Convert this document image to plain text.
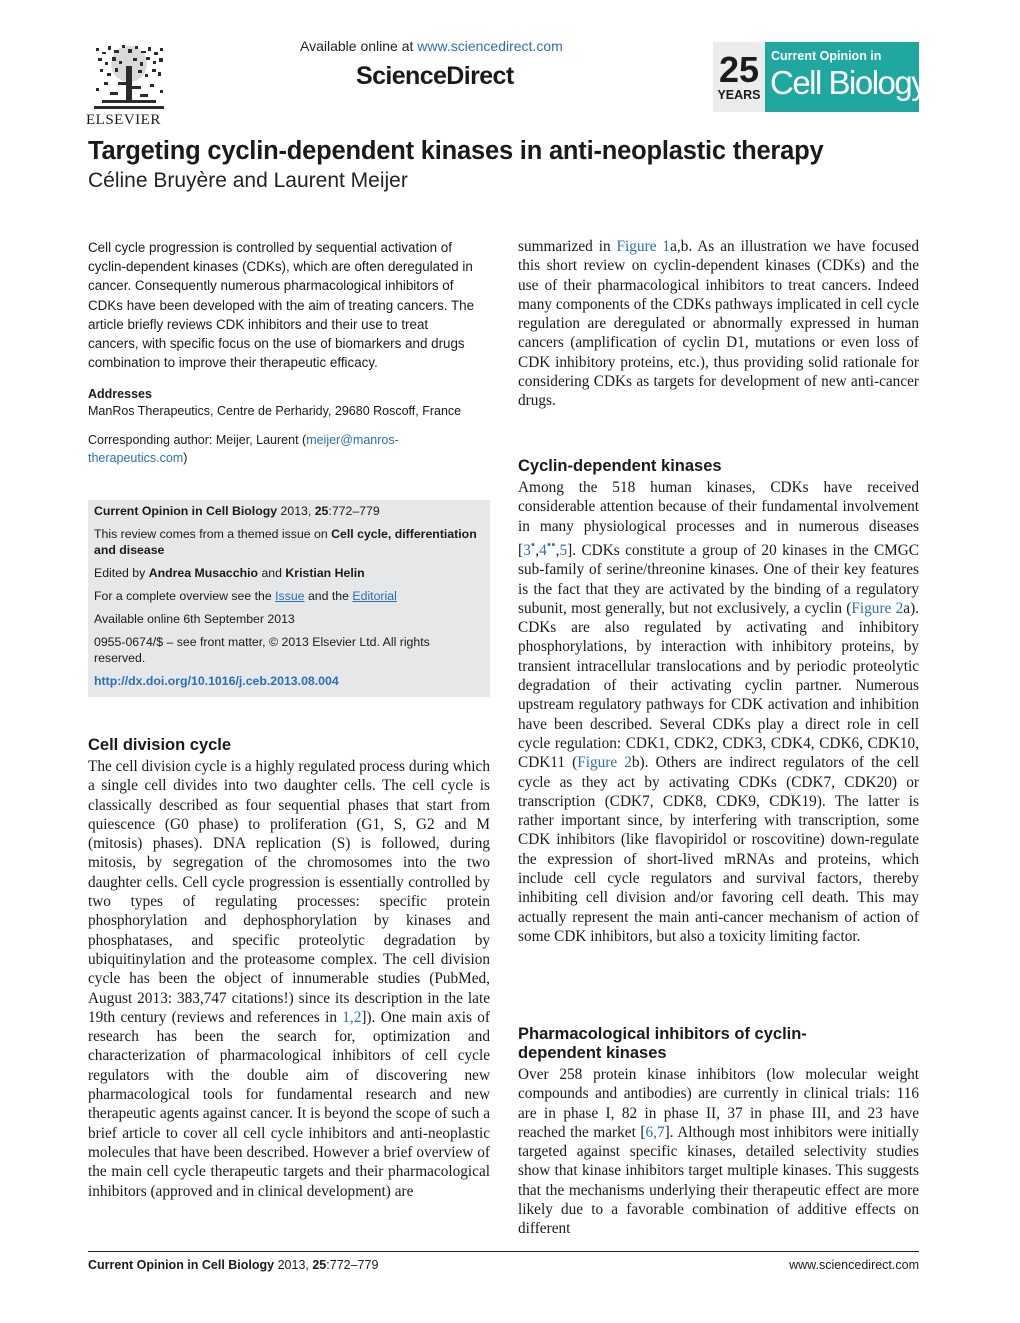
ELSEVIER
Available online at www.sciencedirect.com
ScienceDirect	25
YEARS
Current Opinion in
Cell Biology
Targeting cyclin-dependent kinases in anti-neoplastic therapy
Céline Bruyère and Laurent Meijer

Cell cycle progression is controlled by sequential activation of cyclin-dependent kinases (CDKs), which are often deregulated in cancer. Consequently numerous pharmacological inhibitors of CDKs have been developed with the aim of treating cancers. The article briefly reviews CDK inhibitors and their use to treat cancers, with specific focus on the use of biomarkers and drugs combination to improve their therapeutic efficacy.

Addresses
ManRos Therapeutics, Centre de Perharidy, 29680 Roscoff, France
Corresponding author: Meijer, Laurent (meijer@manros-therapeutics.com)
Current Opinion in Cell Biology 2013, 25:772–779
This review comes from a themed issue on Cell cycle, differentiation and disease
Edited by Andrea Musacchio and Kristian Helin
For a complete overview see the Issue and the Editorial
Available online 6th September 2013
0955-0674/$ – see front matter, © 2013 Elsevier Ltd. All rights reserved.
http://dx.doi.org/10.1016/j.ceb.2013.08.004
Cell division cycle

The cell division cycle is a highly regulated process during which a single cell divides into two daughter cells. The cell cycle is classically described as four sequential phases that start from quiescence (G0 phase) to proliferation (G1, S, G2 and M (mitosis) phases). DNA replication (S) is followed, during mitosis, by segregation of the chromosomes into the two daughter cells. Cell cycle progression is essentially controlled by two types of regulating processes: specific protein phosphorylation and dephosphorylation by kinases and phosphatases, and specific proteolytic degradation by ubiquitinylation and the proteasome complex. The cell division cycle has been the object of innumerable studies (PubMed, August 2013: 383,747 citations!) since its description in the late 19th century (reviews and references in 1,2]). One main axis of research has been the search for, optimization and characterization of pharmacological inhibitors of cell cycle regulators with the double aim of discovering new pharmacological tools for fundamental research and new therapeutic agents against cancer. It is beyond the scope of such a brief article to cover all cell cycle inhibitors and anti-neoplastic molecules that have been described. However a brief overview of the main cell cycle therapeutic targets and their pharmacological inhibitors (approved and in clinical development) are

summarized in Figure 1a,b. As an illustration we have focused this short review on cyclin-dependent kinases (CDKs) and the use of their pharmacological inhibitors to treat cancers. Indeed many components of the CDKs pathways implicated in cell cycle regulation are deregulated or abnormally expressed in human cancers (amplification of cyclin D1, mutations or even loss of CDK inhibitory proteins, etc.), thus providing solid rationale for considering CDKs as targets for development of new anti-cancer drugs.

Cyclin-dependent kinases

Among the 518 human kinases, CDKs have received considerable attention because of their fundamental involvement in many physiological processes and in numerous diseases [3•,4••,5]. CDKs constitute a group of 20 kinases in the CMGC sub-family of serine/threonine kinases. One of their key features is the fact that they are activated by the binding of a regulatory subunit, most generally, but not exclusively, a cyclin (Figure 2a). CDKs are also regulated by activating and inhibitory phosphorylations, by interaction with inhibitory proteins, by transient intracellular translocations and by periodic proteolytic degradation of their activating cyclin partner. Numerous upstream regulatory pathways for CDK activation and inhibition have been described. Several CDKs play a direct role in cell cycle regulation: CDK1, CDK2, CDK3, CDK4, CDK6, CDK10, CDK11 (Figure 2b). Others are indirect regulators of the cell cycle as they act by activating CDKs (CDK7, CDK20) or transcription (CDK7, CDK8, CDK9, CDK19). The latter is rather important since, by interfering with transcription, some CDK inhibitors (like flavopiridol or roscovitine) down-regulate the expression of short-lived mRNAs and proteins, which include cell cycle regulators and survival factors, thereby inhibiting cell division and/or favoring cell death. This may actually represent the main anti-cancer mechanism of action of some CDK inhibitors, but also a toxicity limiting factor.

Pharmacological inhibitors of cyclin-dependent kinases

Over 258 protein kinase inhibitors (low molecular weight compounds and antibodies) are currently in clinical trials: 116 are in phase I, 82 in phase II, 37 in phase III, and 23 have reached the market [6,7]. Although most inhibitors were initially targeted against specific kinases, detailed selectivity studies show that kinase inhibitors target multiple kinases. This suggests that the mechanisms underlying their therapeutic effect are more likely due to a favorable combination of additive effects on different

Current Opinion in Cell Biology 2013, 25:772–779	www.sciencedirect.com
